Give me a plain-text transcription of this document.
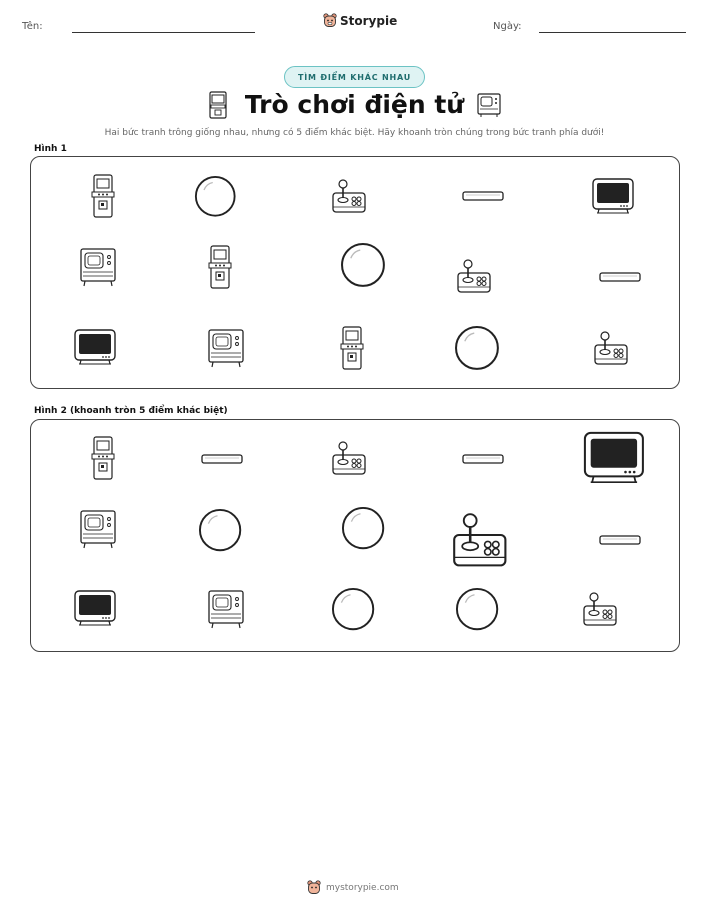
Tên:	Storypie	Ngày:
TÌM ĐIỂM KHÁC NHAU
Trò chơi điện tử
Hai bức tranh trông giống nhau, nhưng có 5 điểm khác biệt. Hãy khoanh tròn chúng trong bức tranh phía dưới!
Hình 1
Hình 2 (khoanh tròn 5 điểm khác biệt)
mystorypie.com
